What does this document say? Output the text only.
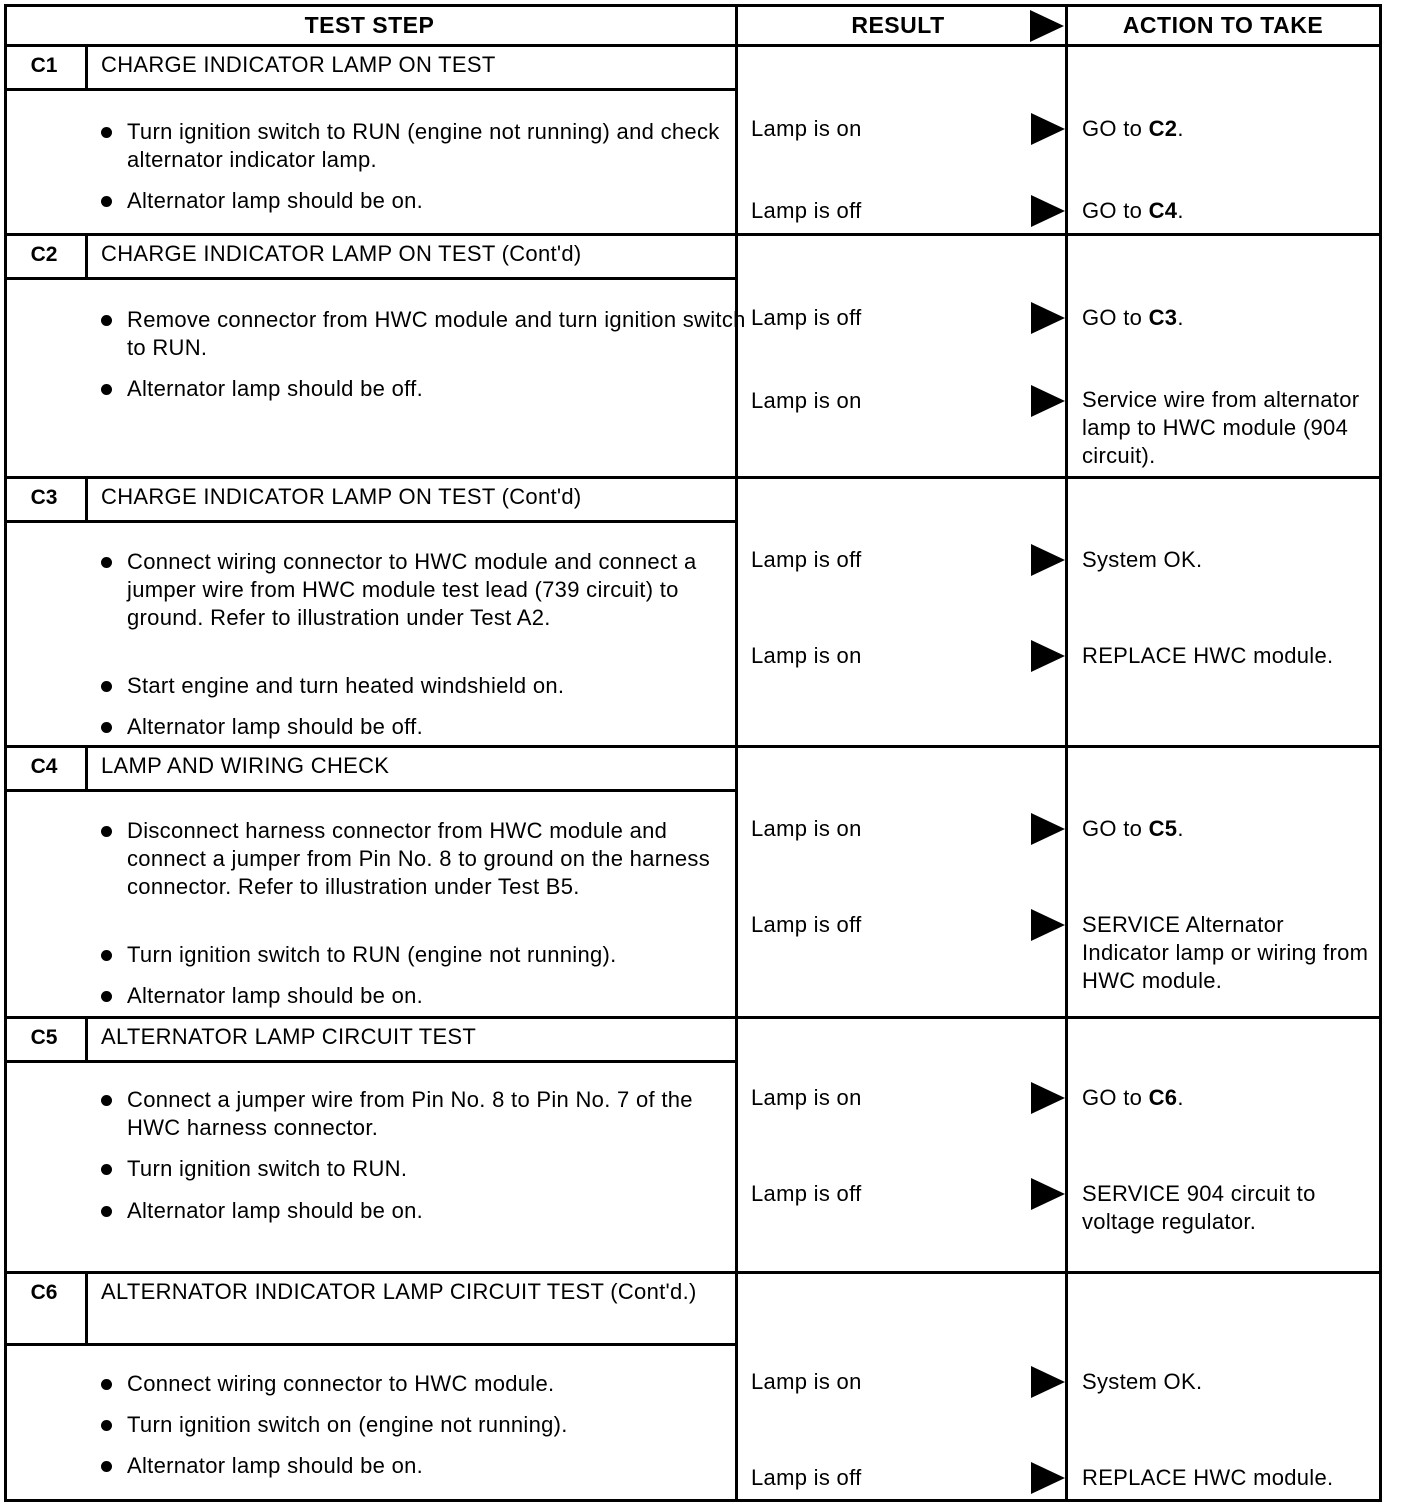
TEST STEP	RESULT	ACTION TO TAKE
C1	CHARGE INDICATOR LAMP ON TEST
Turn ignition switch to RUN (engine not running) and check alternator indicator lamp.
Alternator lamp should be on.
Lamp is on	GO to C2.
Lamp is off	GO to C4.
C2	CHARGE INDICATOR LAMP ON TEST (Cont'd)
Remove connector from HWC module and turn ignition switch to RUN.
Alternator lamp should be off.
Lamp is off	GO to C3.
Lamp is on	Service wire from alternator lamp to HWC module (904 circuit).
C3	CHARGE INDICATOR LAMP ON TEST (Cont'd)
Connect wiring connector to HWC module and connect a jumper wire from HWC module test lead (739 circuit) to ground. Refer to illustration under Test A2.
Start engine and turn heated windshield on.
Alternator lamp should be off.
Lamp is off	System OK.
Lamp is on	REPLACE HWC module.
C4	LAMP AND WIRING CHECK
Disconnect harness connector from HWC module and connect a jumper from Pin No. 8 to ground on the harness connector. Refer to illustration under Test B5.
Turn ignition switch to RUN (engine not running).
Alternator lamp should be on.
Lamp is on	GO to C5.
Lamp is off	SERVICE Alternator Indicator lamp or wiring from HWC module.
C5	ALTERNATOR LAMP CIRCUIT TEST
Connect a jumper wire from Pin No. 8 to Pin No. 7 of the HWC harness connector.
Turn ignition switch to RUN.
Alternator lamp should be on.
Lamp is on	GO to C6.
Lamp is off	SERVICE 904 circuit to voltage regulator.
C6	ALTERNATOR INDICATOR LAMP CIRCUIT TEST (Cont'd.)
Connect wiring connector to HWC module.
Turn ignition switch on (engine not running).
Alternator lamp should be on.
Lamp is on	System OK.
Lamp is off	REPLACE HWC module.
